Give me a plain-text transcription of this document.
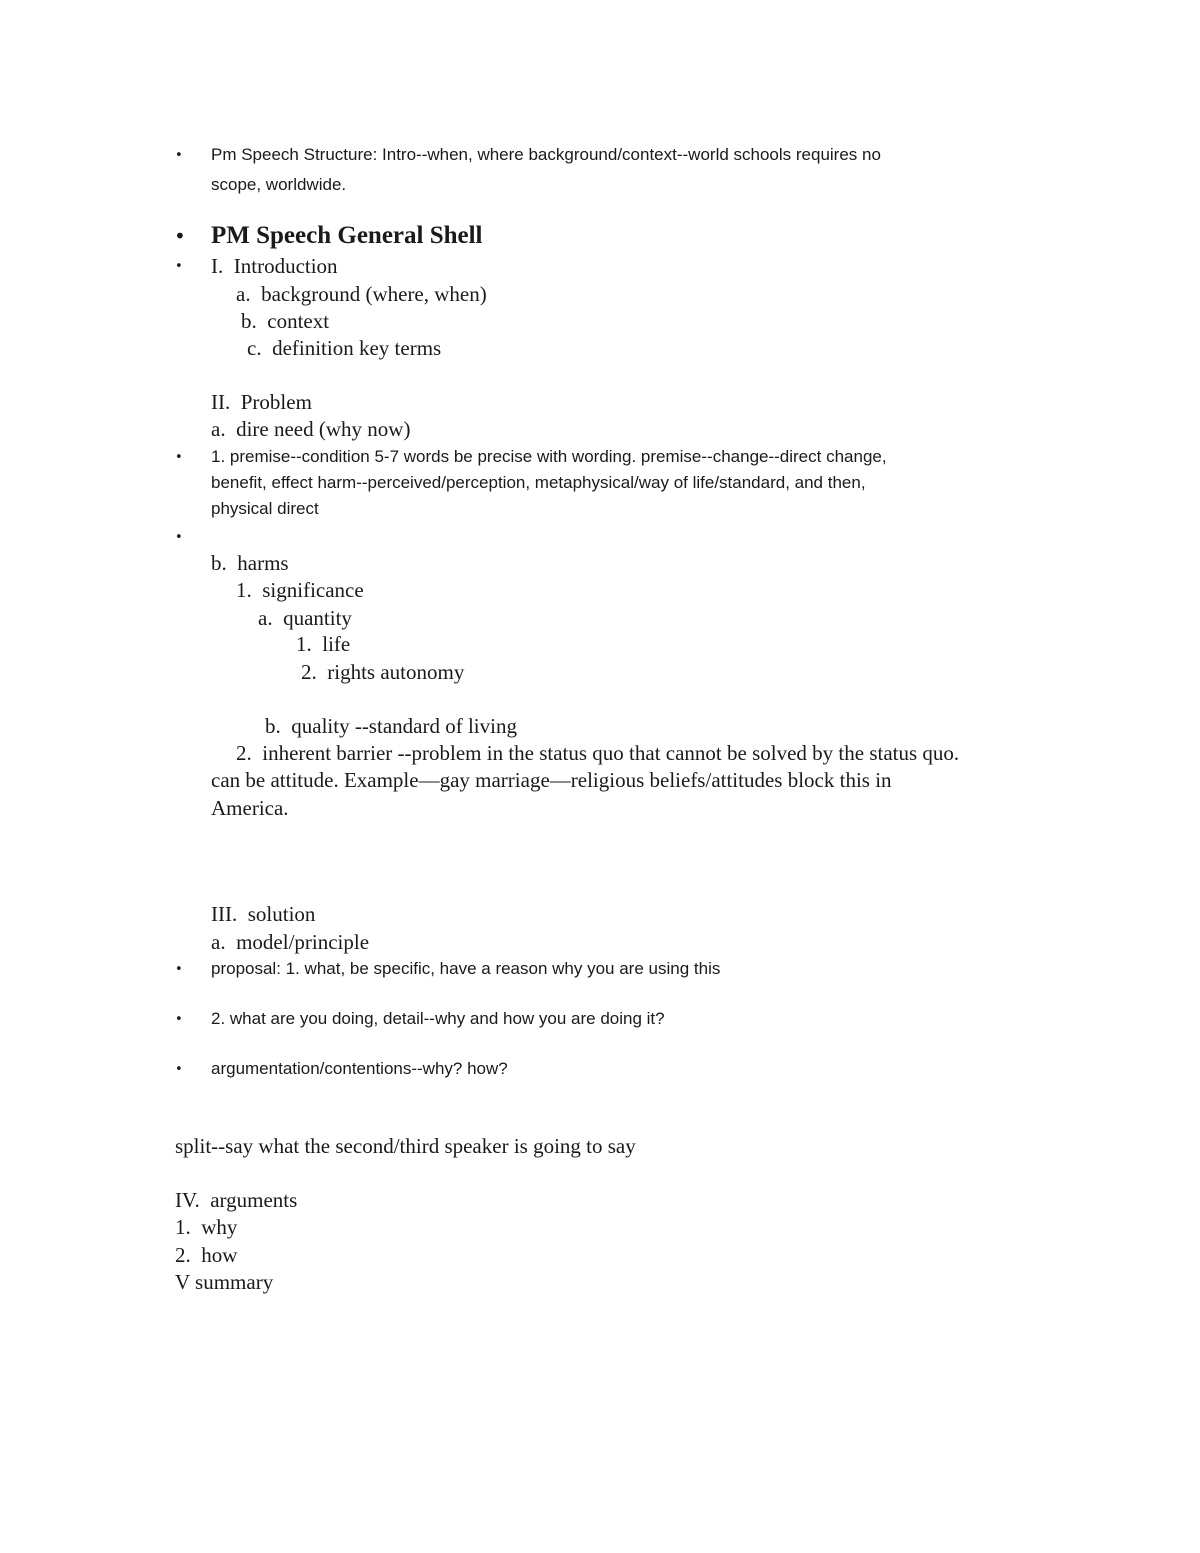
• Pm Speech Structure: Intro--when, where background/context--world schools requires no
scope, worldwide.
• PM Speech General Shell
• I. Introduction
a. background (where, when)
b. context
c. definition key terms
II. Problem
a. dire need (why now)
• 1. premise--condition 5-7 words be precise with wording. premise--change--direct change,
benefit, effect harm--perceived/perception, metaphysical/way of life/standard, and then,
physical direct
•
b. harms
1. significance
a. quantity
1. life
2. rights autonomy
b. quality --standard of living
2. inherent barrier --problem in the status quo that cannot be solved by the status quo.
can be attitude. Example—gay marriage—religious beliefs/attitudes block this in
America.
III. solution
a. model/principle
• proposal: 1. what, be specific, have a reason why you are using this
• 2. what are you doing, detail--why and how you are doing it?
• argumentation/contentions--why? how?
split--say what the second/third speaker is going to say
IV. arguments
1. why
2. how
V summary
